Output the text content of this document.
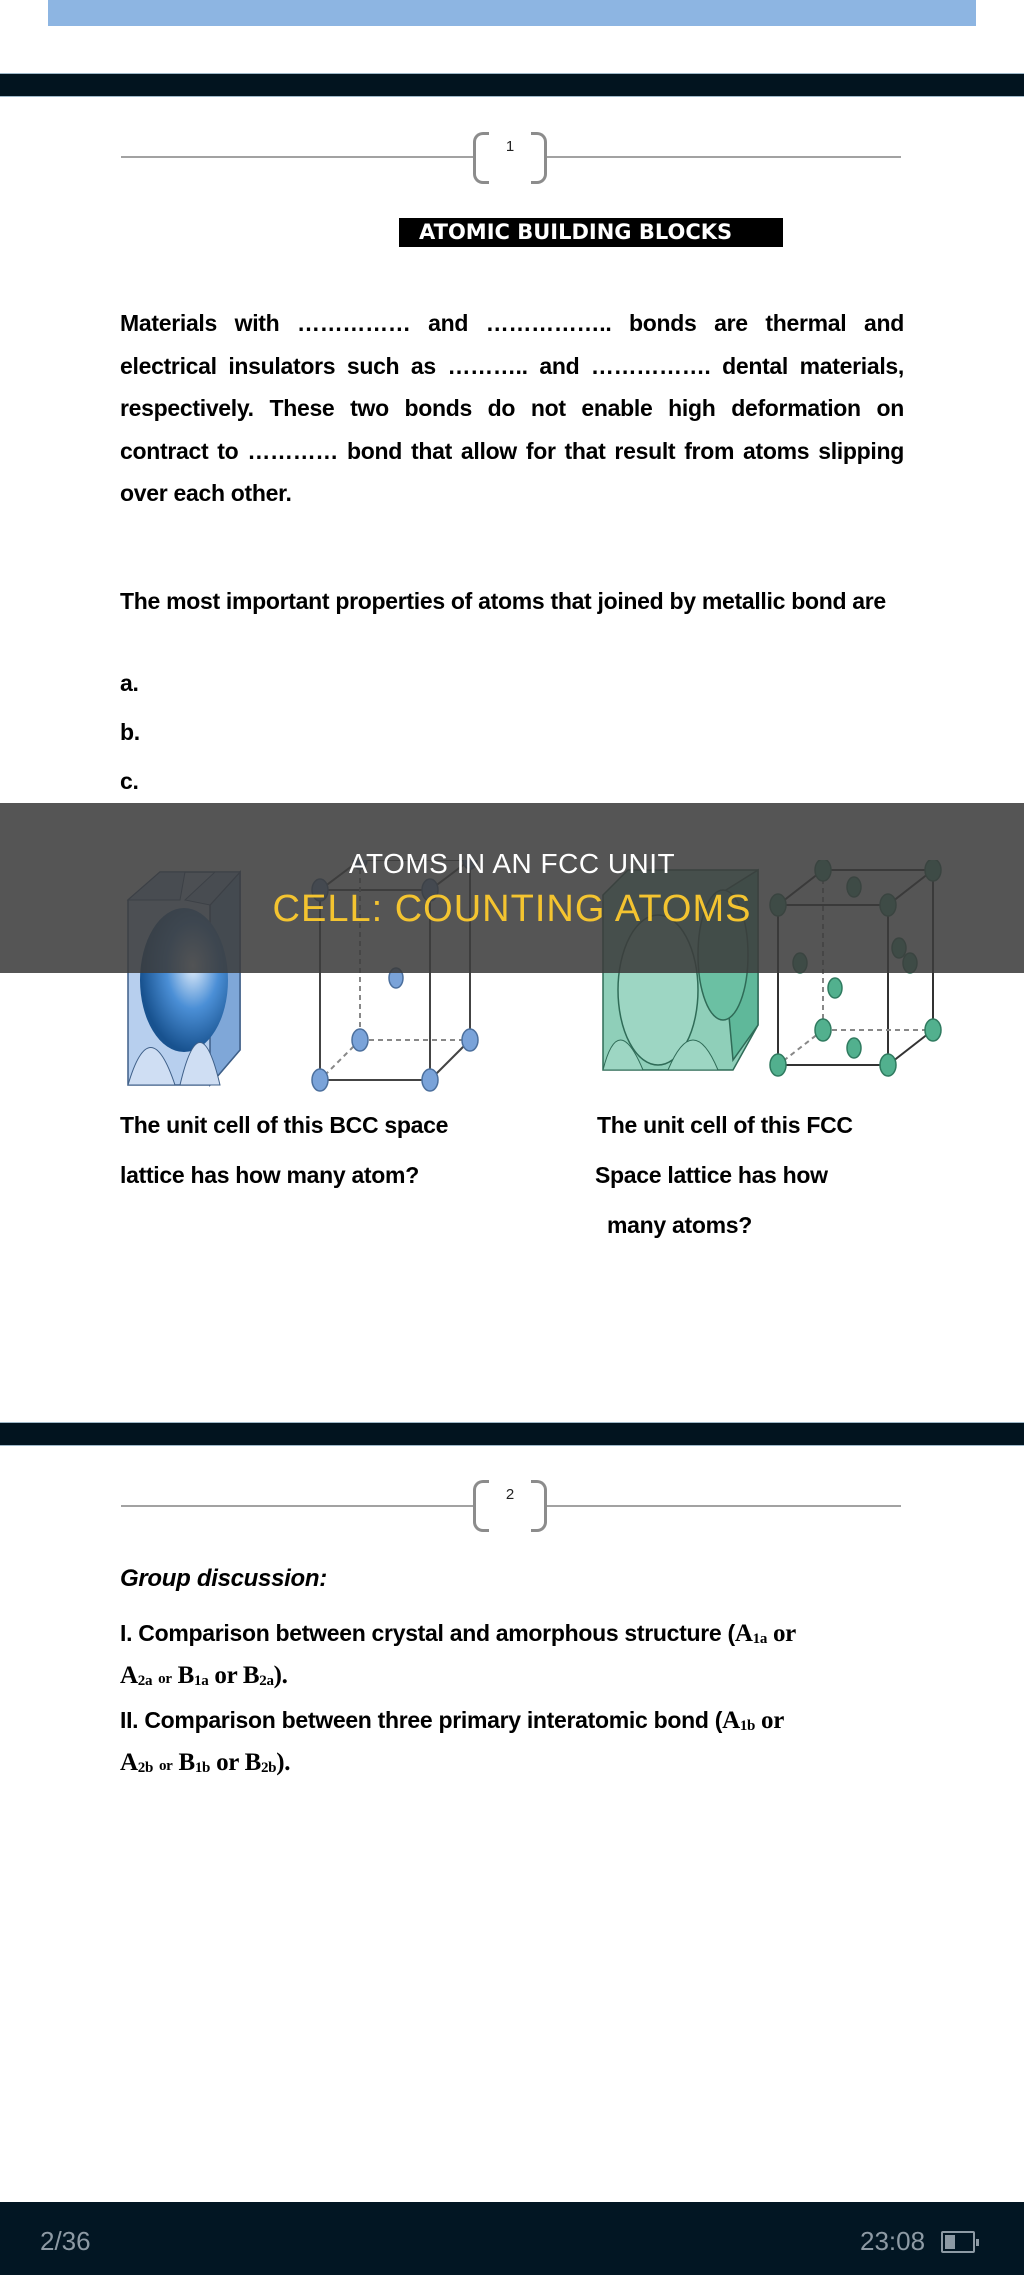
1
ATOMIC BUILDING BLOCKS
Materials with …………… and …………….. bonds are thermal and electrical insulators such as ……….. and ……………. dental materials, respectively. These two bonds do not enable high deformation on contract to ………… bond that allow for that result from atoms slipping over each other.
The most important properties of atoms that joined by metallic bond are
a.
b.
c.
The unit cell of this BCC space
lattice has how many atom?
The unit cell of this FCC
Space lattice has how
many atoms?
ATOMS IN AN FCC UNIT
CELL: COUNTING ATOMS
2
Group discussion:
I. Comparison between crystal and amorphous structure ($A_{1a}$ or
$A_{2a}$ or $B_{1a}$ or $B_{2a}$).
II. Comparison between three primary interatomic bond ($A_{1b}$ or
$A_{2b}$ or $B_{1b}$ or $B_{2b}$).
2/36	23:08
